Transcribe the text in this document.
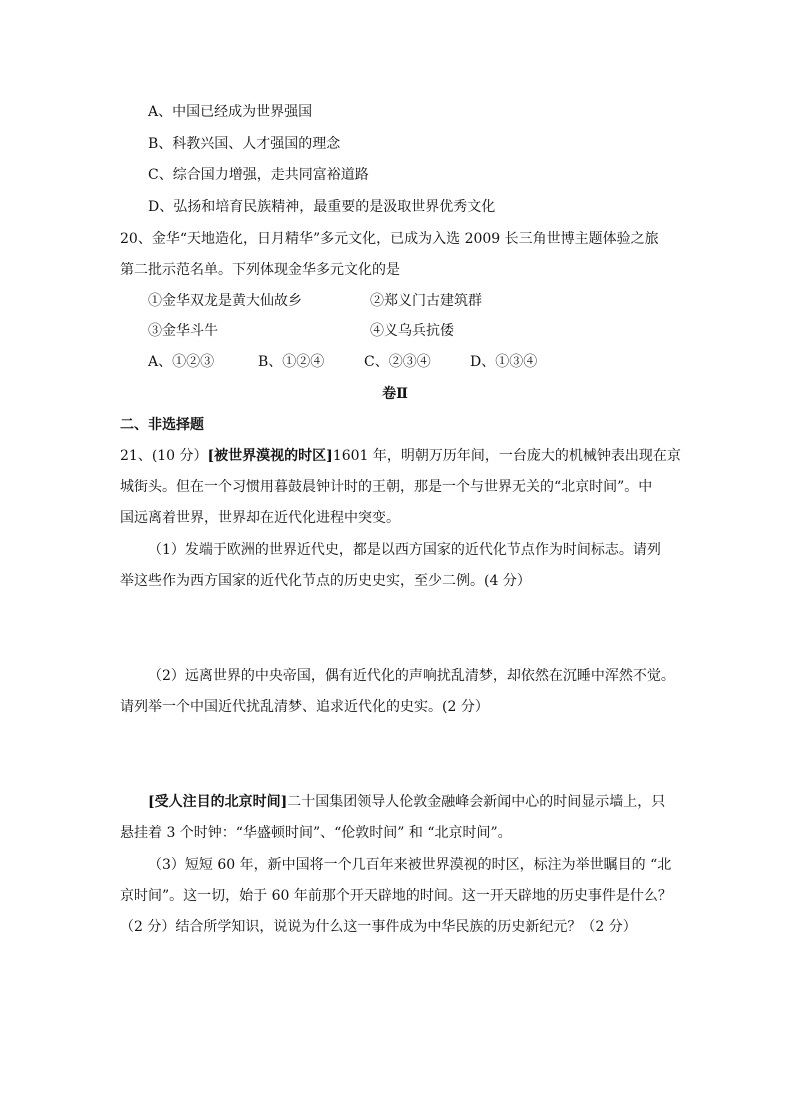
A、中国已经成为世界强国
B、科教兴国、人才强国的理念
C、综合国力增强，走共同富裕道路
D、弘扬和培育民族精神，最重要的是汲取世界优秀文化
20、金华“天地造化，日月精华”多元文化，已成为入选 2009 长三角世博主题体验之旅
第二批示范名单。下列体现金华多元文化的是
①金华双龙是黄大仙故乡	②郑义门古建筑群
③金华斗牛	④义乌兵抗倭
A、①②③	B、①②④	C、②③④	D、①③④
卷Ⅱ
二、非选择题
21、(10 分）[被世界漠视的时区]1601 年，明朝万历年间，一台庞大的机械钟表出现在京
城街头。但在一个习惯用暮鼓晨钟计时的王朝，那是一个与世界无关的“北京时间”。中
国远离着世界，世界却在近代化进程中突变。
（1）发端于欧洲的世界近代史，都是以西方国家的近代化节点作为时间标志。请列
举这些作为西方国家的近代化节点的历史史实，至少二例。(4 分）
（2）远离世界的中央帝国，偶有近代化的声响扰乱清梦，却依然在沉睡中浑然不觉。
请列举一个中国近代扰乱清梦、追求近代化的史实。(2 分）
[受人注目的北京时间]二十国集团领导人伦敦金融峰会新闻中心的时间显示墙上，只
悬挂着 3 个时钟：“华盛顿时间”、“伦敦时间” 和 “北京时间”。
（3）短短 60 年，新中国将一个几百年来被世界漠视的时区，标注为举世瞩目的 “北
京时间”。这一切，始于 60 年前那个开天辟地的时间。这一开天辟地的历史事件是什么？
（2 分）结合所学知识，说说为什么这一事件成为中华民族的历史新纪元？（2 分）
